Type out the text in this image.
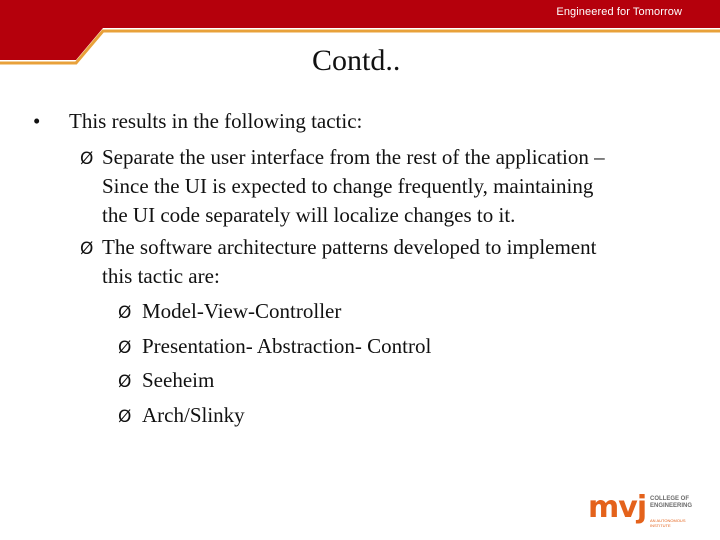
Engineered for Tomorrow
Contd..
• This results in the following tactic:
Ø Separate the user interface from the rest of the application –
Since the UI is expected to change frequently, maintaining
the UI code separately will localize changes to it.
Ø The software architecture patterns developed to implement
this tactic are:
Ø Model-View-Controller
Ø Presentation- Abstraction- Control
Ø Seeheim
Ø Arch/Slinky
mvj COLLEGE OF
ENGINEERING
AN AUTONOMOUS INSTITUTE
